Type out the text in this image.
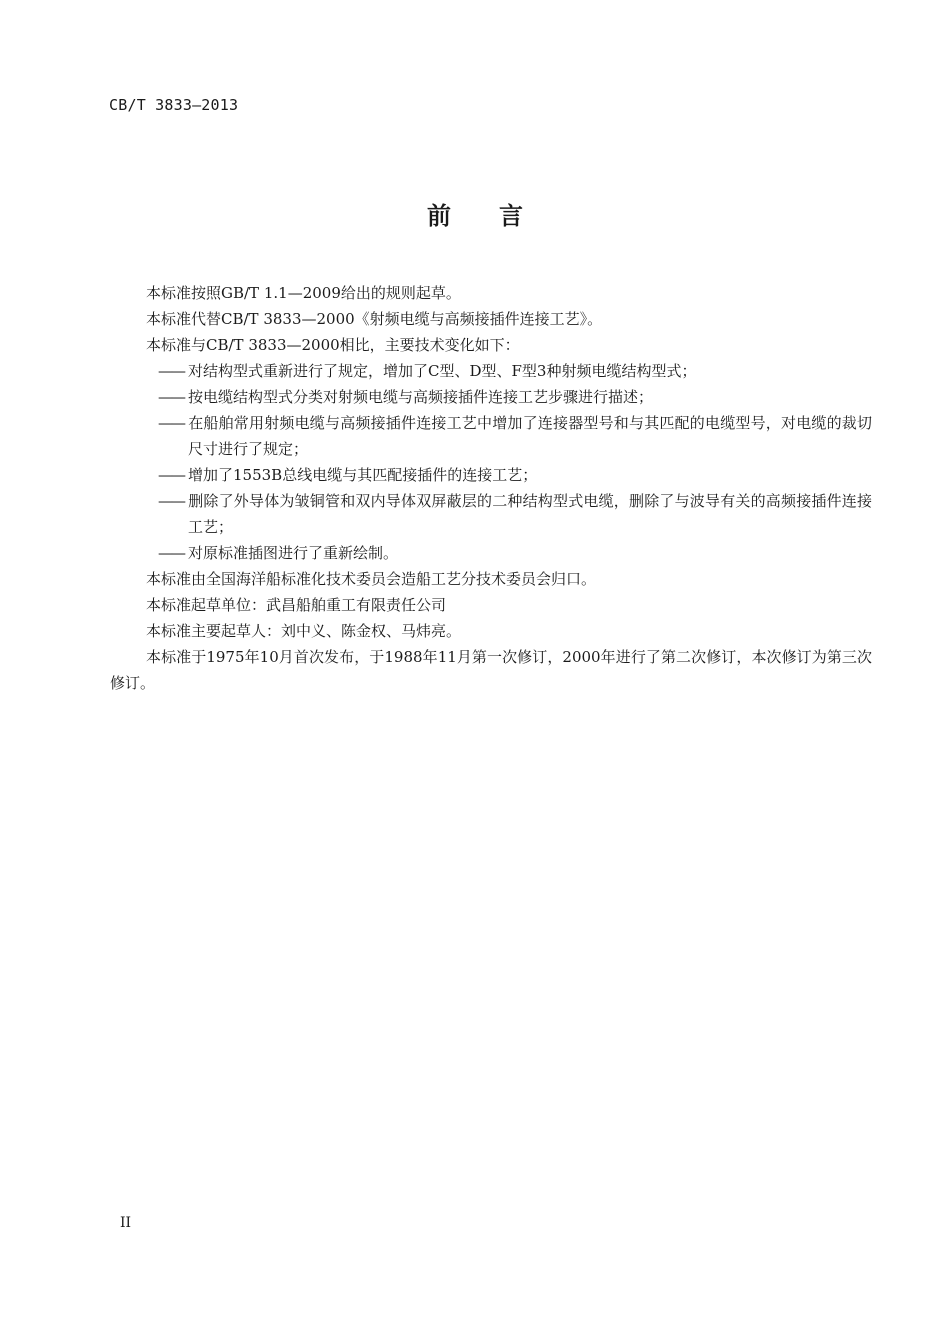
CB/T 3833—2013
前言

本标准按照GB/T 1.1—2009给出的规则起草。

本标准代替CB/T 3833—2000《射频电缆与高频接插件连接工艺》。

本标准与CB/T 3833—2000相比，主要技术变化如下：

—— 对结构型式重新进行了规定，增加了C型、D型、F型3种射频电缆结构型式；

—— 按电缆结构型式分类对射频电缆与高频接插件连接工艺步骤进行描述；

—— 在船舶常用射频电缆与高频接插件连接工艺中增加了连接器型号和与其匹配的电缆型号，对电缆的裁切尺寸进行了规定；

—— 增加了1553B总线电缆与其匹配接插件的连接工艺；

—— 删除了外导体为皱铜管和双内导体双屏蔽层的二种结构型式电缆，删除了与波导有关的高频接插件连接工艺；

—— 对原标准插图进行了重新绘制。

本标准由全国海洋船标准化技术委员会造船工艺分技术委员会归口。

本标准起草单位：武昌船舶重工有限责任公司

本标准主要起草人：刘中义、陈金权、马炜亮。

本标准于1975年10月首次发布，于1988年11月第一次修订，2000年进行了第二次修订，本次修订为第三次修订。

II
